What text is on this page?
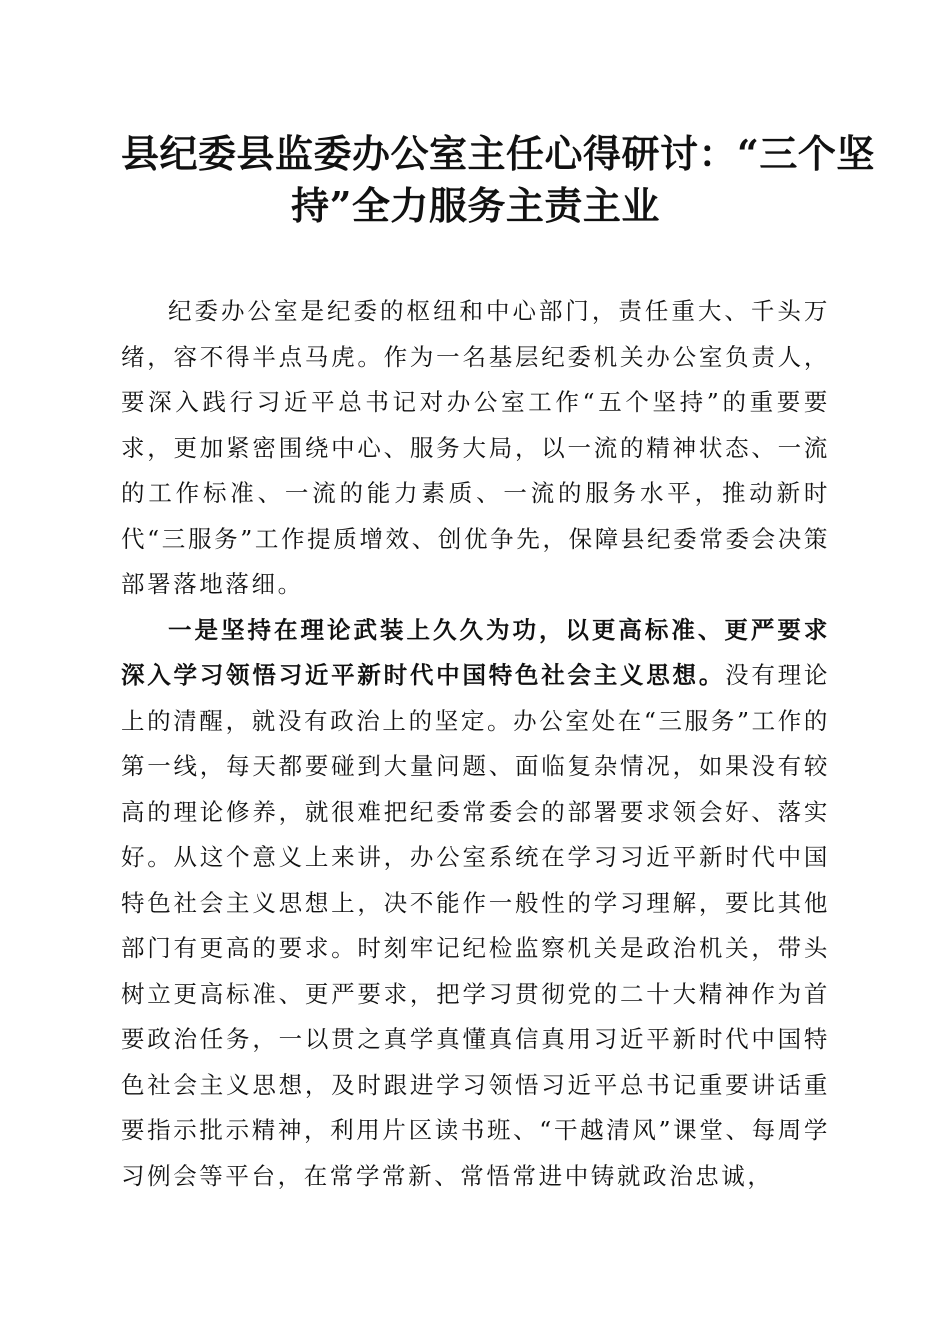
县纪委县监委办公室主任心得研讨：“三个坚
持”全力服务主责主业

纪委办公室是纪委的枢纽和中心部门，责任重大、千头万绪，容不得半点马虎。作为一名基层纪委机关办公室负责人，要深入践行习近平总书记对办公室工作“五个坚持”的重要要求，更加紧密围绕中心、服务大局，以一流的精神状态、一流的工作标准、一流的能力素质、一流的服务水平，推动新时代“三服务”工作提质增效、创优争先，保障县纪委常委会决策部署落地落细。

一是坚持在理论武装上久久为功，以更高标准、更严要求深入学习领悟习近平新时代中国特色社会主义思想。没有理论上的清醒，就没有政治上的坚定。办公室处在“三服务”工作的第一线，每天都要碰到大量问题、面临复杂情况，如果没有较高的理论修养，就很难把纪委常委会的部署要求领会好、落实好。从这个意义上来讲，办公室系统在学习习近平新时代中国特色社会主义思想上，决不能作一般性的学习理解，要比其他部门有更高的要求。时刻牢记纪检监察机关是政治机关，带头树立更高标准、更严要求，把学习贯彻党的二十大精神作为首要政治任务，一以贯之真学真懂真信真用习近平新时代中国特色社会主义思想，及时跟进学习领悟习近平总书记重要讲话重要指示批示精神，利用片区读书班、“干越清风”课堂、每周学习例会等平台，在常学常新、常悟常进中铸就政治忠诚，
